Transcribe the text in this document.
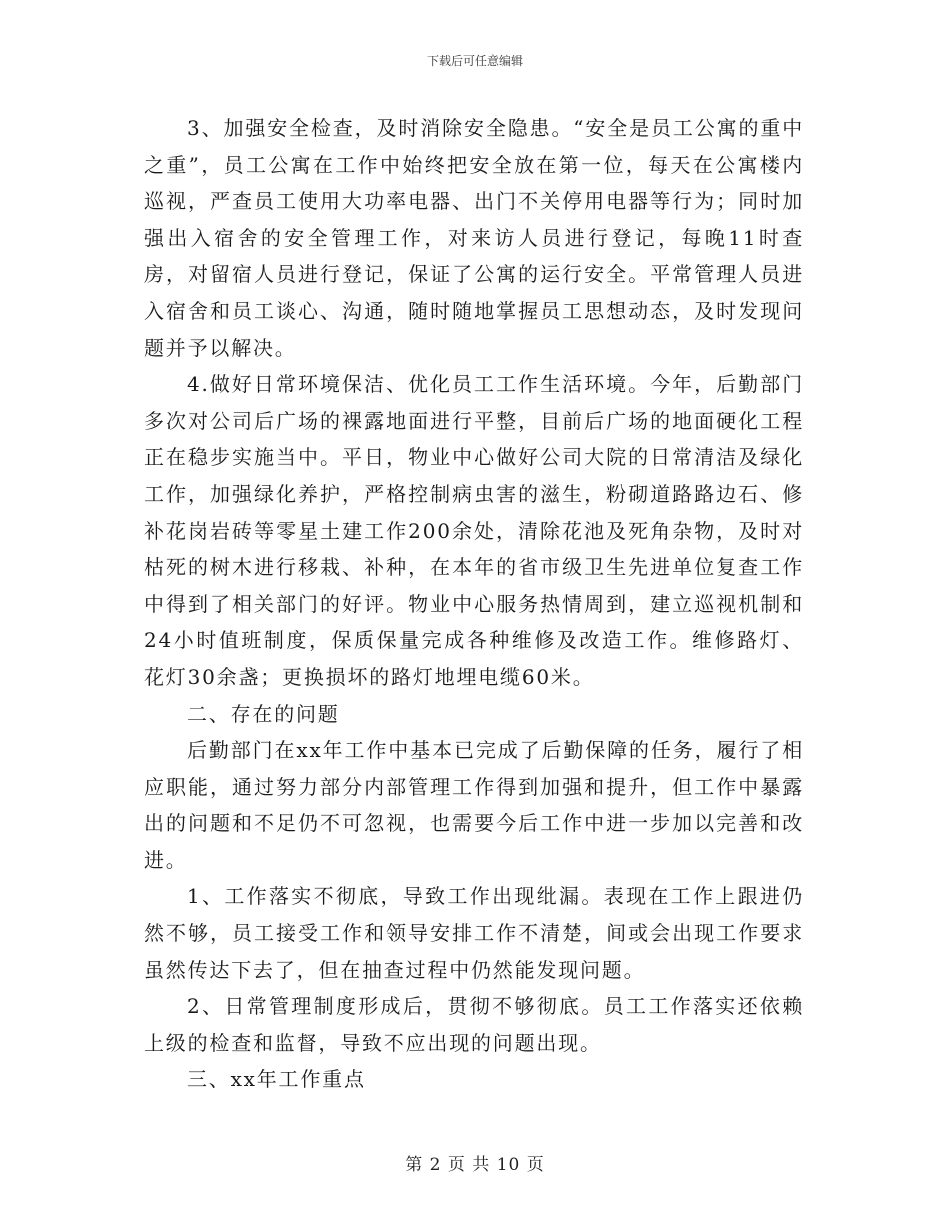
下载后可任意编辑

3、加强安全检查，及时消除安全隐患。“安全是员工公寓的重中之重”，员工公寓在工作中始终把安全放在第一位，每天在公寓楼内巡视，严查员工使用大功率电器、出门不关停用电器等行为；同时加强出入宿舍的安全管理工作，对来访人员进行登记，每晚11时查房，对留宿人员进行登记，保证了公寓的运行安全。平常管理人员进入宿舍和员工谈心、沟通，随时随地掌握员工思想动态，及时发现问题并予以解决。

4.做好日常环境保洁、优化员工工作生活环境。今年，后勤部门多次对公司后广场的裸露地面进行平整，目前后广场的地面硬化工程正在稳步实施当中。平日，物业中心做好公司大院的日常清洁及绿化工作，加强绿化养护，严格控制病虫害的滋生，粉砌道路路边石、修补花岗岩砖等零星土建工作200余处，清除花池及死角杂物，及时对枯死的树木进行移栽、补种，在本年的省市级卫生先进单位复查工作中得到了相关部门的好评。物业中心服务热情周到，建立巡视机制和24小时值班制度，保质保量完成各种维修及改造工作。维修路灯、花灯30余盏；更换损坏的路灯地埋电缆60米。

二、存在的问题

后勤部门在xx年工作中基本已完成了后勤保障的任务，履行了相应职能，通过努力部分内部管理工作得到加强和提升，但工作中暴露出的问题和不足仍不可忽视，也需要今后工作中进一步加以完善和改进。

1、工作落实不彻底，导致工作出现纰漏。表现在工作上跟进仍然不够，员工接受工作和领导安排工作不清楚，间或会出现工作要求虽然传达下去了，但在抽查过程中仍然能发现问题。

2、日常管理制度形成后，贯彻不够彻底。员工工作落实还依赖上级的检查和监督，导致不应出现的问题出现。

三、xx年工作重点

第 2 页 共 10 页
